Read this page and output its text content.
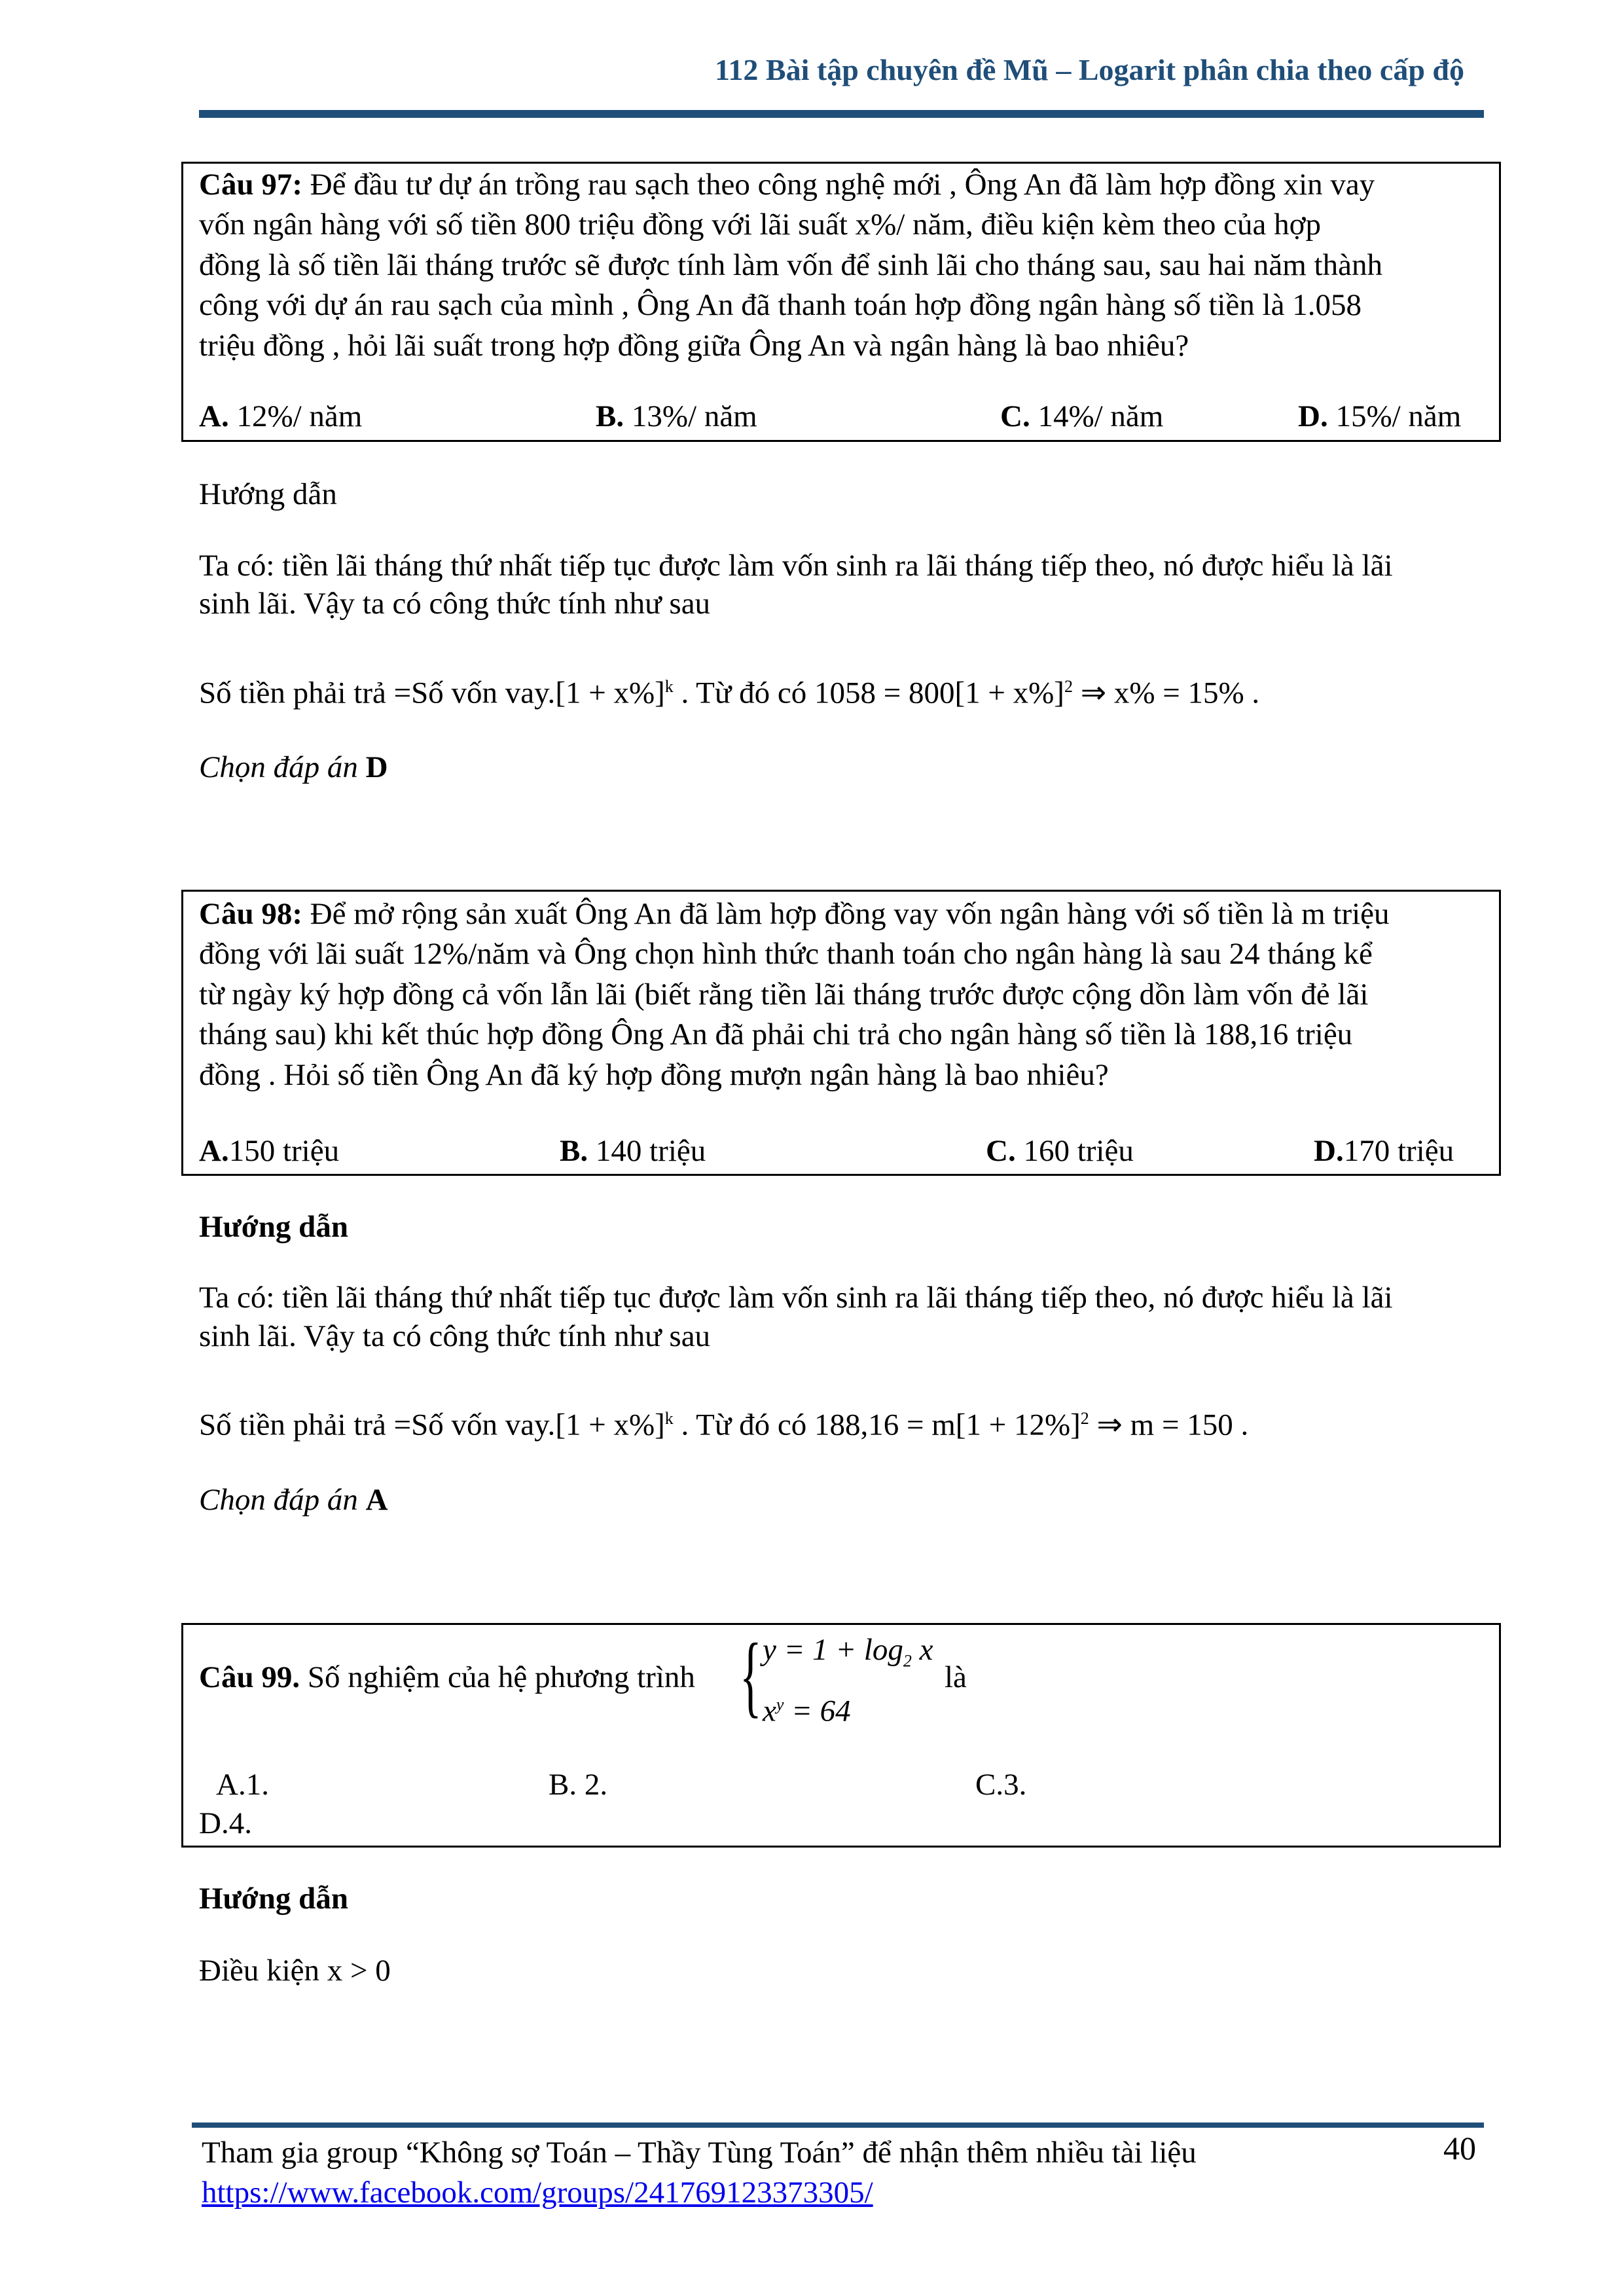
112 Bài tập chuyên đề Mũ – Logarit phân chia theo cấp độ
Câu 97: Để đầu tư dự án trồng rau sạch theo công nghệ mới , Ông An đã làm hợp đồng xin vay
vốn ngân hàng với số tiền 800 triệu đồng với lãi suất x%/ năm, điều kiện kèm theo của hợp
đồng là số tiền lãi tháng trước sẽ được tính làm vốn để sinh lãi cho tháng sau, sau hai năm thành
công với dự án rau sạch của mình , Ông An đã thanh toán hợp đồng ngân hàng số tiền là 1.058
triệu đồng , hỏi lãi suất trong hợp đồng giữa Ông An và ngân hàng là bao nhiêu?
A. 12%/ năm	B. 13%/ năm	C. 14%/ năm	D. 15%/ năm
Hướng dẫn
Ta có: tiền lãi tháng thứ nhất tiếp tục được làm vốn sinh ra lãi tháng tiếp theo, nó được hiểu là lãi
sinh lãi. Vậy ta có công thức tính như sau
Số tiền phải trả =Số vốn $vay.[1 + x\%]^k$ . Từ đó có $1058 = 800[1 + x\%]^2$ ⇒ x% = 15% .
Chọn đáp án D
Câu 98: Để mở rộng sản xuất Ông An đã làm hợp đồng vay vốn ngân hàng với số tiền là m triệu
đồng với lãi suất 12%/năm và Ông chọn hình thức thanh toán cho ngân hàng là sau 24 tháng kể
từ ngày ký hợp đồng cả vốn lẫn lãi (biết rằng tiền lãi tháng trước được cộng dồn làm vốn đẻ lãi
tháng sau) khi kết thúc hợp đồng Ông An đã phải chi trả cho ngân hàng số tiền là 188,16 triệu
đồng . Hỏi số tiền Ông An đã ký hợp đồng mượn ngân hàng là bao nhiêu?
A.150 triệu	B. 140 triệu	C. 160 triệu	D.170 triệu
Hướng dẫn
Ta có: tiền lãi tháng thứ nhất tiếp tục được làm vốn sinh ra lãi tháng tiếp theo, nó được hiểu là lãi
sinh lãi. Vậy ta có công thức tính như sau
Số tiền phải trả =Số vốn $vay.[1 + x\%]^k$ . Từ đó có $188,16 = m[1 + 12\%]^2$ ⇒ m = 150 .
Chọn đáp án A
Câu 99. Số nghiệm của hệ phương trình { $y = 1 + \log_2 x$
$x^y = 64$
là
A.1.	B. 2.	C.3.
D.4.
Hướng dẫn
Điều kiện x > 0
Tham gia group “Không sợ Toán – Thầy Tùng Toán” để nhận thêm nhiều tài liệu
https://www.facebook.com/groups/241769123373305/
40
